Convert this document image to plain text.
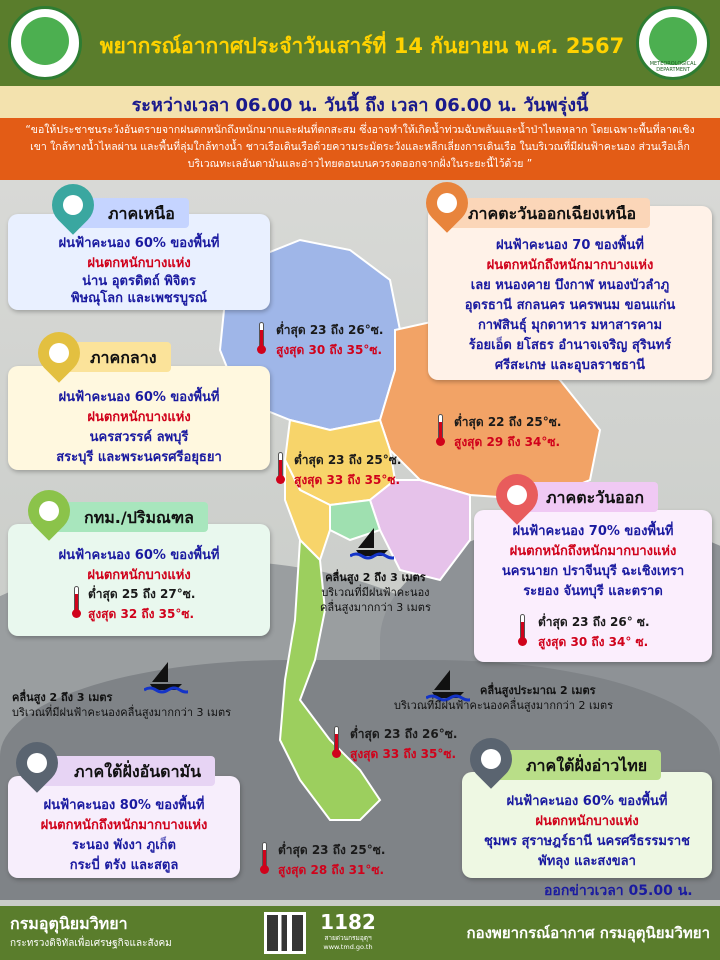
พยากรณ์อากาศประจำวันเสาร์ที่ 14 กันยายน พ.ศ. 2567
METEOROLOGICAL DEPARTMENT
ระหว่างเวลา 06.00 น. วันนี้ ถึง เวลา 06.00 น. วันพรุ่งนี้

“ขอให้ประชาชนระวังอันตรายจากฝนตกหนักถึงหนักมากและฝนที่ตกสะสม ซึ่งอาจทำให้เกิดน้ำท่วมฉับพลันและน้ำป่าไหลหลาก โดยเฉพาะพื้นที่ลาดเชิงเขา ใกล้ทางน้ำไหลผ่าน และพื้นที่ลุ่มใกล้ทางน้ำ ชาวเรือเดินเรือด้วยความระมัดระวังและหลีกเลี่ยงการเดินเรือ ในบริเวณที่มีฝนฟ้าคะนอง ส่วนเรือเล็กบริเวณทะเลอันดามันและอ่าวไทยตอนบนควรงดออกจากฝั่งในระยะนี้ไว้ด้วย ”

ฝนฟ้าคะนอง 60% ของพื้นที่
ฝนตกหนักบางแห่ง
น่าน อุตรดิตถ์ พิจิตร
พิษณุโลก และเพชรบูรณ์
ภาคเหนือ
ต่ำสุด 23 ถึง 26°ซ.
สูงสุด 30 ถึง 35°ซ.
ฝนฟ้าคะนอง 70 ของพื้นที่
ฝนตกหนักถึงหนักมากบางแห่ง
เลย หนองคาย บึงกาฬ หนองบัวลำภู
อุดรธานี สกลนคร นครพนม ขอนแก่น
กาฬสินธุ์ มุกดาหาร มหาสารคาม
ร้อยเอ็ด ยโสธร อำนาจเจริญ สุรินทร์
ศรีสะเกษ และอุบลราชธานี
ภาคตะวันออกเฉียงเหนือ
ต่ำสุด 22 ถึง 25°ซ.
สูงสุด 29 ถึง 34°ซ.
ฝนฟ้าคะนอง 60% ของพื้นที่
ฝนตกหนักบางแห่ง
นครสวรรค์ ลพบุรี
สระบุรี และพระนครศรีอยุธยา
ภาคกลาง
ต่ำสุด 23 ถึง 25°ซ.
สูงสุด 33 ถึง 35°ซ.
ฝนฟ้าคะนอง 60% ของพื้นที่
ฝนตกหนักบางแห่ง
กทม./ปริมณฑล
ต่ำสุด 25 ถึง 27°ซ.
สูงสุด 32 ถึง 35°ซ.
ฝนฟ้าคะนอง 70% ของพื้นที่
ฝนตกหนักถึงหนักมากบางแห่ง
นครนายก ปราจีนบุรี ฉะเชิงเทรา
ระยอง จันทบุรี และตราด
ภาคตะวันออก
ต่ำสุด 23 ถึง 26° ซ.
สูงสุด 30 ถึง 34° ซ.
คลื่นสูง 2 ถึง 3 เมตร
บริเวณที่มีฝนฟ้าคะนอง
คลื่นสูงมากกว่า 3 เมตร
คลื่นสูง 2 ถึง 3 เมตร
บริเวณที่มีฝนฟ้าคะนองคลื่นสูงมากกว่า 3 เมตร
คลื่นสูงประมาณ 2 เมตร
บริเวณที่มีฝนฟ้าคะนองคลื่นสูงมากกว่า 2 เมตร
ต่ำสุด 23 ถึง 26°ซ.
สูงสุด 33 ถึง 35°ซ.
ฝนฟ้าคะนอง 80% ของพื้นที่
ฝนตกหนักถึงหนักมากบางแห่ง
ระนอง พังงา ภูเก็ต
กระบี่ ตรัง และสตูล
ภาคใต้ฝั่งอันดามัน
ต่ำสุด 23 ถึง 25°ซ.
สูงสุด 28 ถึง 31°ซ.
ฝนฟ้าคะนอง 60% ของพื้นที่
ฝนตกหนักบางแห่ง
ชุมพร สุราษฎร์ธานี นครศรีธรรมราช
พัทลุง และสงขลา
ภาคใต้ฝั่งอ่าวไทย
ออกข่าวเวลา 05.00 น.
กรมอุตุนิยมวิทยา
กระทรวงดิจิทัลเพื่อเศรษฐกิจและสังคม
1182
สายด่วนกรมอุตุฯ
www.tmd.go.th
กองพยากรณ์อากาศ กรมอุตุนิยมวิทยา
